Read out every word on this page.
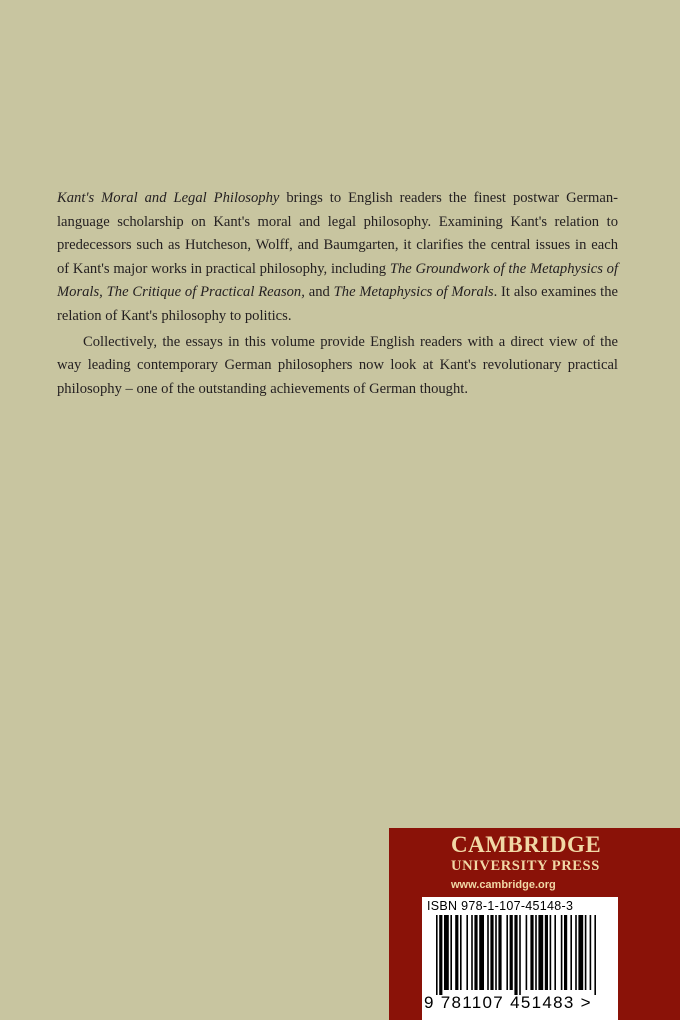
Kant's Moral and Legal Philosophy brings to English readers the finest postwar German-language scholarship on Kant's moral and legal philosophy. Examining Kant's relation to predecessors such as Hutcheson, Wolff, and Baumgarten, it clarifies the central issues in each of Kant's major works in practical philosophy, including The Groundwork of the Metaphysics of Morals, The Critique of Practical Reason, and The Metaphysics of Morals. It also examines the relation of Kant's philosophy to politics.

Collectively, the essays in this volume provide English readers with a direct view of the way leading contemporary German philosophers now look at Kant's revolutionary practical philosophy – one of the outstanding achievements of German thought.

CAMBRIDGE
UNIVERSITY PRESS
www.cambridge.org
ISBN 978-1-107-45148-3
9 781107 451483 >
